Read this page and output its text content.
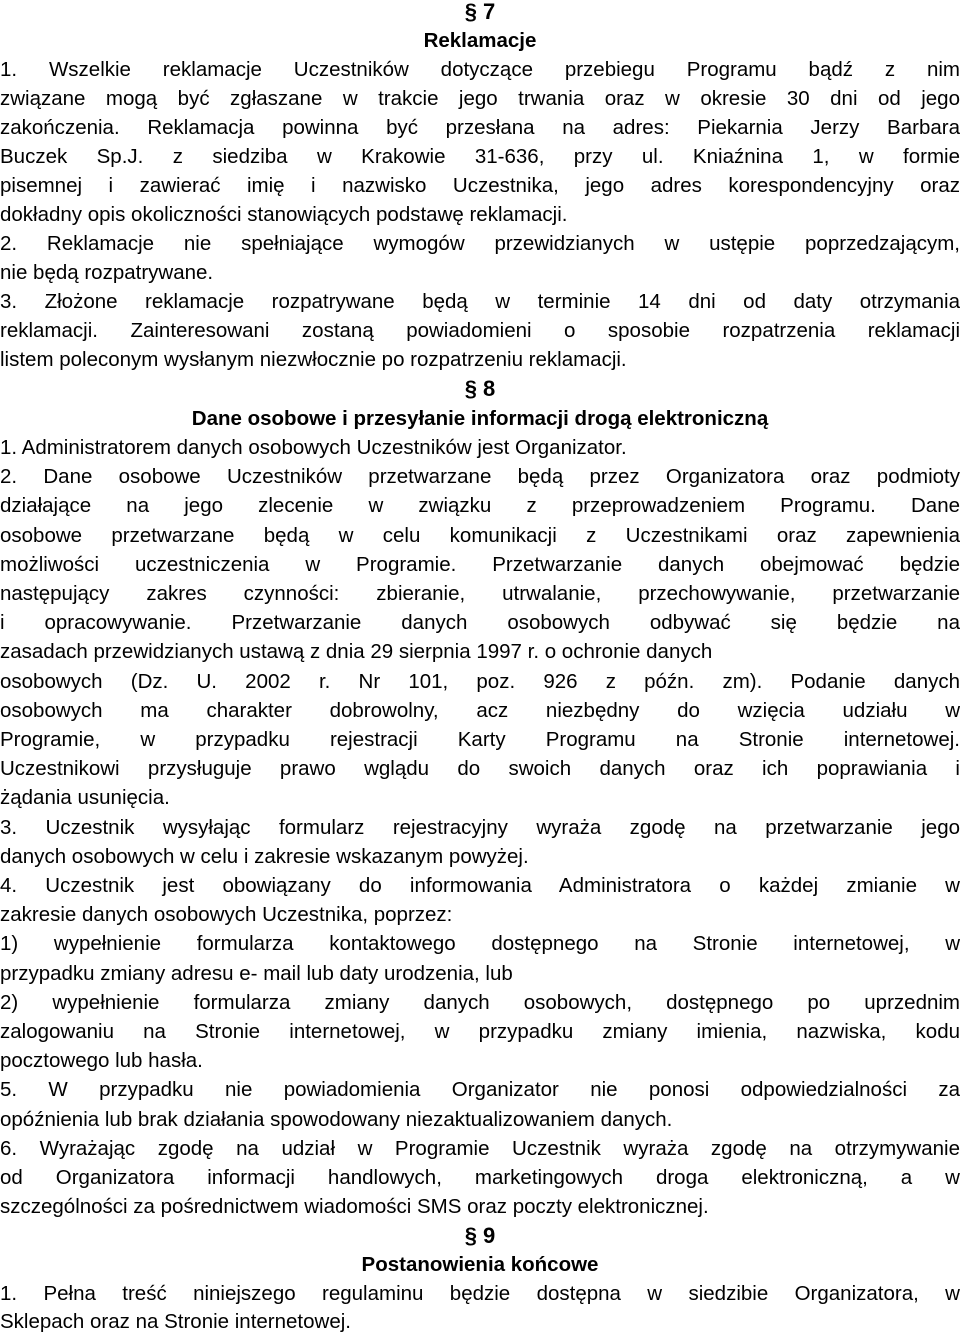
§ 7
Reklamacje
1. Wszelkie reklamacje Uczestników dotyczące przebiegu Programu bądź z nim
związane mogą być zgłaszane w trakcie jego trwania oraz w okresie 30 dni od jego
zakończenia. Reklamacja powinna być przesłana na adres: Piekarnia Jerzy Barbara
Buczek Sp.J. z siedziba w Krakowie 31-636, przy ul. Kniaźnina 1, w formie
pisemnej i zawierać imię i nazwisko Uczestnika, jego adres korespondencyjny oraz
dokładny opis okoliczności stanowiących podstawę reklamacji.
2. Reklamacje nie spełniające wymogów przewidzianych w ustępie poprzedzającym,
nie będą rozpatrywane.
3. Złożone reklamacje rozpatrywane będą w terminie 14 dni od daty otrzymania
reklamacji. Zainteresowani zostaną powiadomieni o sposobie rozpatrzenia reklamacji
listem poleconym wysłanym niezwłocznie po rozpatrzeniu reklamacji.
§ 8
Dane osobowe i przesyłanie informacji drogą elektroniczną
1. Administratorem danych osobowych Uczestników jest Organizator.
2. Dane osobowe Uczestników przetwarzane będą przez Organizatora oraz podmioty
działające na jego zlecenie w związku z przeprowadzeniem Programu. Dane
osobowe przetwarzane będą w celu komunikacji z Uczestnikami oraz zapewnienia
możliwości uczestniczenia w Programie. Przetwarzanie danych obejmować będzie
następujący zakres czynności: zbieranie, utrwalanie, przechowywanie, przetwarzanie
i opracowywanie. Przetwarzanie danych osobowych odbywać się będzie na
zasadach przewidzianych ustawą z dnia 29 sierpnia 1997 r. o ochronie danych
osobowych (Dz. U. 2002 r. Nr 101, poz. 926 z późn. zm). Podanie danych
osobowych ma charakter dobrowolny, acz niezbędny do wzięcia udziału w
Programie, w przypadku rejestracji Karty Programu na Stronie internetowej.
Uczestnikowi przysługuje prawo wglądu do swoich danych oraz ich poprawiania i
żądania usunięcia.
3. Uczestnik wysyłając formularz rejestracyjny wyraża zgodę na przetwarzanie jego
danych osobowych w celu i zakresie wskazanym powyżej.
4. Uczestnik jest obowiązany do informowania Administratora o każdej zmianie w
zakresie danych osobowych Uczestnika, poprzez:
1) wypełnienie formularza kontaktowego dostępnego na Stronie internetowej, w
przypadku zmiany adresu e- mail lub daty urodzenia, lub
2) wypełnienie formularza zmiany danych osobowych, dostępnego po uprzednim
zalogowaniu na Stronie internetowej, w przypadku zmiany imienia, nazwiska, kodu
pocztowego lub hasła.
5. W przypadku nie powiadomienia Organizator nie ponosi odpowiedzialności za
opóźnienia lub brak działania spowodowany niezaktualizowaniem danych.
6. Wyrażając zgodę na udział w Programie Uczestnik wyraża zgodę na otrzymywanie
od Organizatora informacji handlowych, marketingowych droga elektroniczną, a w
szczególności za pośrednictwem wiadomości SMS oraz poczty elektronicznej.
§ 9
Postanowienia końcowe
1. Pełna treść niniejszego regulaminu będzie dostępna w siedzibie Organizatora, w
Sklepach oraz na Stronie internetowej.
